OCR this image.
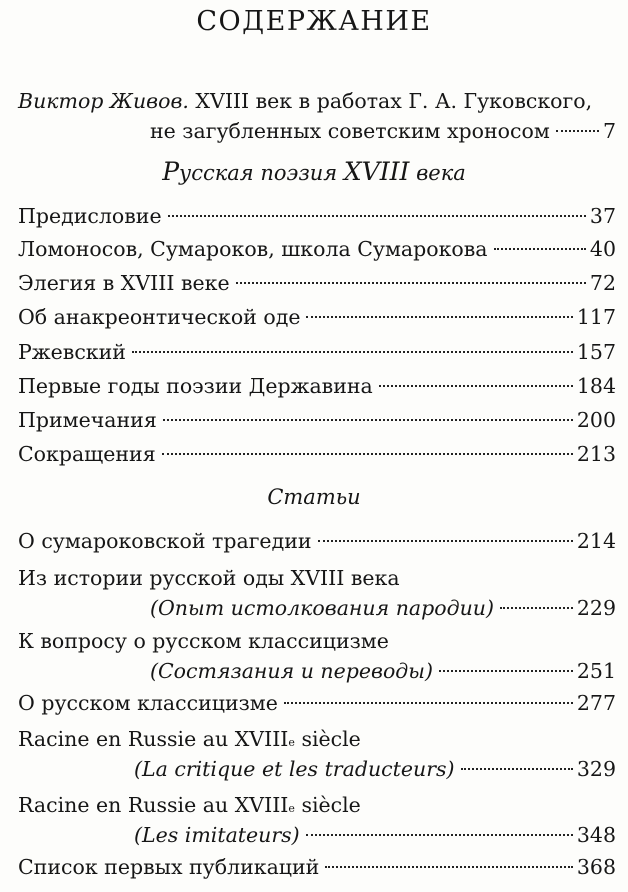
СОДЕРЖАНИЕ
Виктор Живов.
XVIII век в работах Г. А. Гуковского,
не загубленных советским хроносом	7
Русская поэзия XVIII века
Предисловие	37
Ломоносов, Сумароков, школа Сумарокова	40
Элегия в XVIII веке	72
Об анакреонтической оде	117
Ржевский	157
Первые годы поэзии Державина	184
Примечания	200
Сокращения	213
Статьи
О сумароковской трагедии	214
Из истории русской оды XVIII века
(Опыт истолкования пародии)	229
К вопросу о русском классицизме
(Состязания и переводы)	251
О русском классицизме	277
Racine en Russie au XVIII e
siècle
(La critique et les traducteurs)	329
Racine en Russie au XVIII e
siècle
(Les imitateurs)	348
Список первых публикаций	368
